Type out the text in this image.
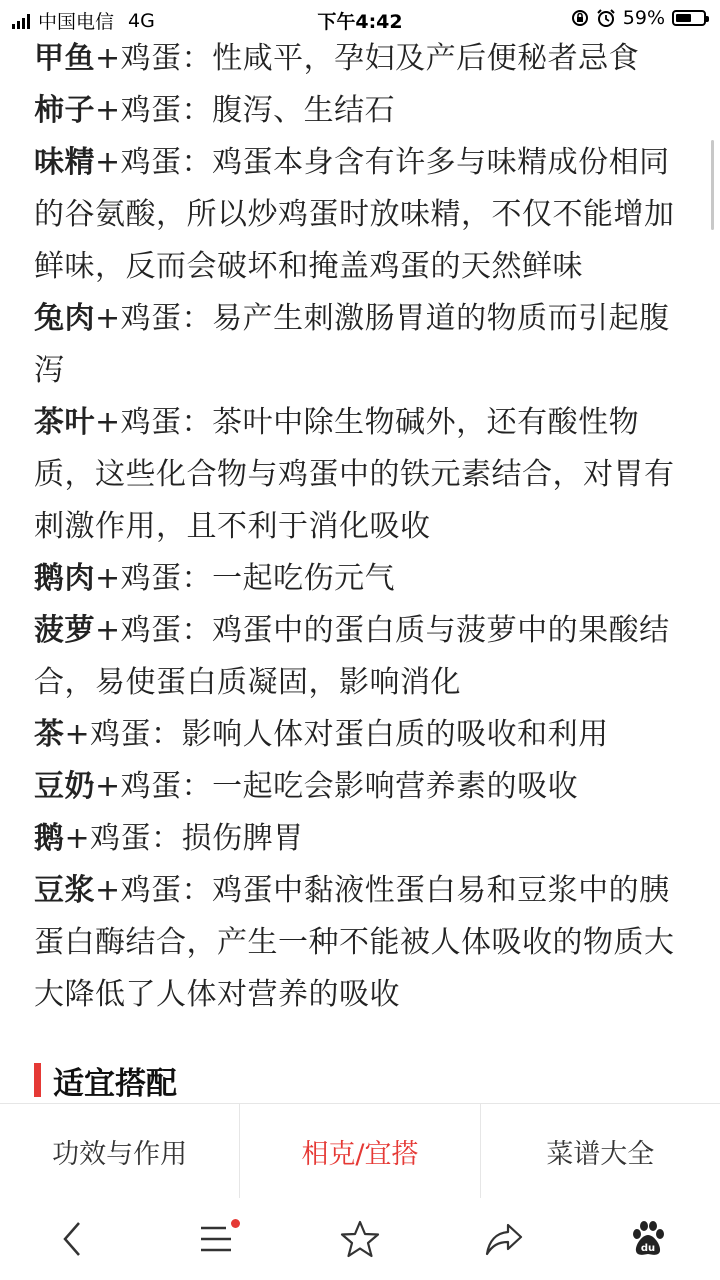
中国电信 4G	下午4:42	59%

甲鱼+鸡蛋：性咸平，孕妇及产后便秘者忌食

柿子+鸡蛋：腹泻、生结石

味精+鸡蛋：鸡蛋本身含有许多与味精成份相同的谷氨酸，所以炒鸡蛋时放味精，不仅不能增加鲜味，反而会破坏和掩盖鸡蛋的天然鲜味

兔肉+鸡蛋：易产生刺激肠胃道的物质而引起腹泻

茶叶+鸡蛋：茶叶中除生物碱外，还有酸性物质，这些化合物与鸡蛋中的铁元素结合，对胃有刺激作用，且不利于消化吸收

鹅肉+鸡蛋：一起吃伤元气

菠萝+鸡蛋：鸡蛋中的蛋白质与菠萝中的果酸结合，易使蛋白质凝固，影响消化

茶+鸡蛋：影响人体对蛋白质的吸收和利用

豆奶+鸡蛋：一起吃会影响营养素的吸收

鹅+鸡蛋：损伤脾胃

豆浆+鸡蛋：鸡蛋中黏液性蛋白易和豆浆中的胰蛋白酶结合，产生一种不能被人体吸收的物质大大降低了人体对营养的吸收

适宜搭配
功效与作用	相克/宜搭	菜谱大全
du
